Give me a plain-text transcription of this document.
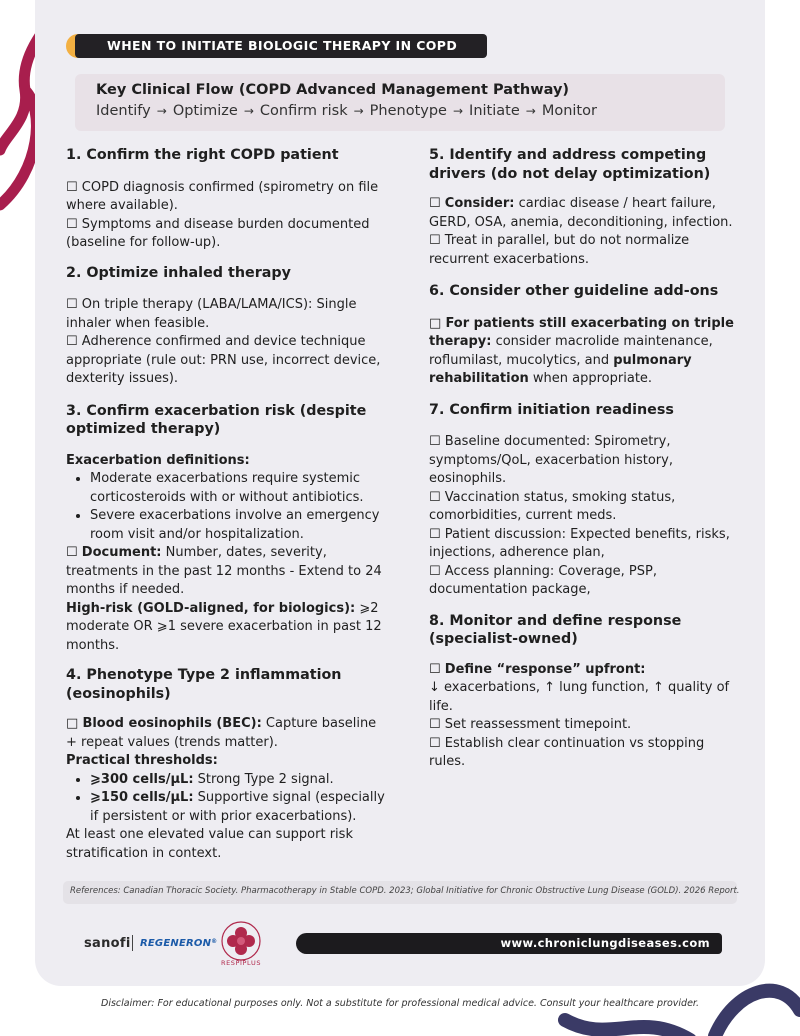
WHEN TO INITIATE BIOLOGIC THERAPY IN COPD
Key Clinical Flow (COPD Advanced Management Pathway)
Identify → Optimize → Confirm risk → Phenotype → Initiate → Monitor
1. Confirm the right COPD patient

☐ COPD diagnosis confirmed (spirometry on file where available).

☐ Symptoms and disease burden documented (baseline for follow-up).

2. Optimize inhaled therapy

☐ On triple therapy (LABA/LAMA/ICS): Single inhaler when feasible.

☐ Adherence confirmed and device technique appropriate (rule out: PRN use, incorrect device, dexterity issues).

3. Confirm exacerbation risk (despite optimized therapy)

Exacerbation definitions:

• Moderate exacerbations require systemic corticosteroids with or without antibiotics.
• Severe exacerbations involve an emergency room visit and/or hospitalization.

☐ Document: Number, dates, severity, treatments in the past 12 months - Extend to 24 months if needed.

High-risk (GOLD-aligned, for biologics): ⩾2 moderate OR ⩾1 severe exacerbation in past 12 months.

4. Phenotype Type 2 inflammation (eosinophils)

□ Blood eosinophils (BEC): Capture baseline + repeat values (trends matter).

Practical thresholds:

• ⩾300 cells/μL: Strong Type 2 signal.
• ⩾150 cells/μL: Supportive signal (especially if persistent or with prior exacerbations).

At least one elevated value can support risk stratification in context.

5. Identify and address competing drivers (do not delay optimization)

☐ Consider: cardiac disease / heart failure, GERD, OSA, anemia, deconditioning, infection.

☐ Treat in parallel, but do not normalize recurrent exacerbations.

6. Consider other guideline add-ons

□ For patients still exacerbating on triple therapy: consider macrolide maintenance, roflumilast, mucolytics, and pulmonary rehabilitation when appropriate.

7. Confirm initiation readiness

☐ Baseline documented: Spirometry, symptoms/QoL, exacerbation history, eosinophils.

☐ Vaccination status, smoking status, comorbidities, current meds.

☐ Patient discussion: Expected benefits, risks, injections, adherence plan,

☐ Access planning: Coverage, PSP, documentation package,

8. Monitor and define response (specialist-owned)

☐ Define “response” upfront:

↓ exacerbations, ↑ lung function, ↑ quality of life.

☐ Set reassessment timepoint.

☐ Establish clear continuation vs stopping rules.

References: Canadian Thoracic Society. Pharmacotherapy in Stable COPD. 2023; Global Initiative for Chronic Obstructive Lung Disease (GOLD). 2026 Report.
sanofi REGENERON®
RESPIPLUS
www.chroniclungdiseases.com
Disclaimer: For educational purposes only. Not a substitute for professional medical advice. Consult your healthcare provider.
